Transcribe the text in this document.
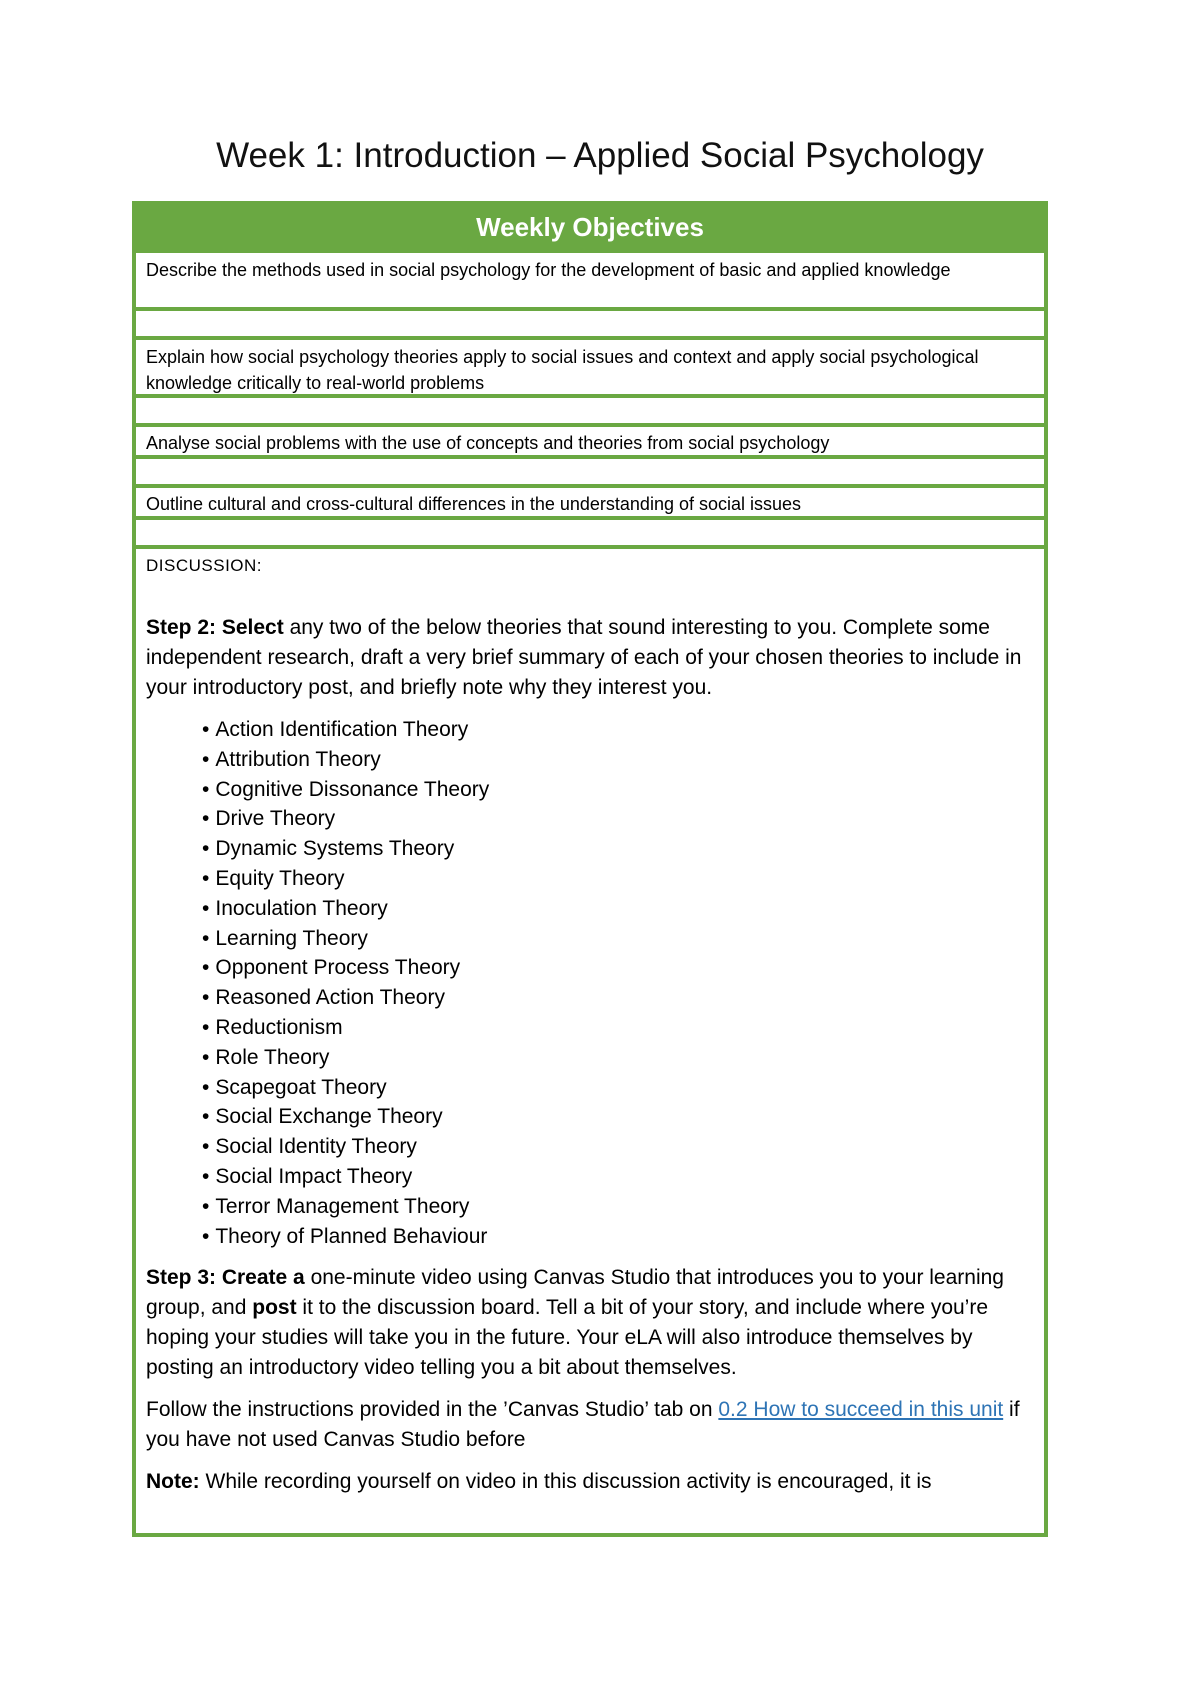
Week 1: Introduction – Applied Social Psychology
Weekly Objectives
Describe the methods used in social psychology for the development of basic and applied knowledge
Explain how social psychology theories apply to social issues and context and apply social psychological knowledge critically to real-world problems
Analyse social problems with the use of concepts and theories from social psychology
Outline cultural and cross-cultural differences in the understanding of social issues
DISCUSSION:

Step 2: Select any two of the below theories that sound interesting to you. Complete some independent research, draft a very brief summary of each of your chosen theories to include in your introductory post, and briefly note why they interest you.

• Action Identification Theory
• Attribution Theory
• Cognitive Dissonance Theory
• Drive Theory
• Dynamic Systems Theory
• Equity Theory
• Inoculation Theory
• Learning Theory
• Opponent Process Theory
• Reasoned Action Theory
• Reductionism
• Role Theory
• Scapegoat Theory
• Social Exchange Theory
• Social Identity Theory
• Social Impact Theory
• Terror Management Theory
• Theory of Planned Behaviour

Step 3: Create a one-minute video using Canvas Studio that introduces you to your learning group, and post it to the discussion board. Tell a bit of your story, and include where you’re hoping your studies will take you in the future. Your eLA will also introduce themselves by posting an introductory video telling you a bit about themselves.

Follow the instructions provided in the ’Canvas Studio’ tab on 0.2 How to succeed in this unit if you have not used Canvas Studio before

Note: While recording yourself on video in this discussion activity is encouraged, it is
